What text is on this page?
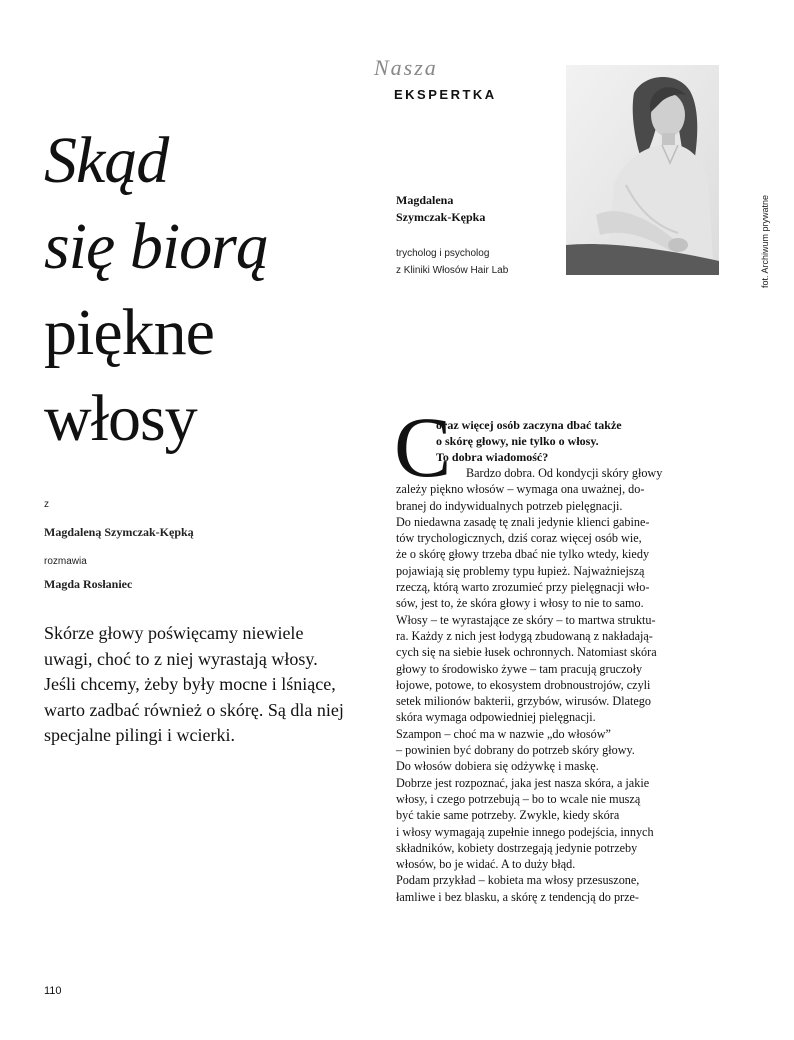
Skąd
się biorą
piękne
włosy
z
Magdaleną Szymczak-Kępką
rozmawia
Magda Rosłaniec

Skórze głowy poświęcamy niewiele uwagi, choć to z niej wyrastają włosy. Jeśli chcemy, żeby były mocne i lśniące, warto zadbać również o skórę. Są dla niej specjalne pilingi i wcierki.

Nasza
EKSPERTKA

Magdalena
Szymczak-Kępka

trycholog i psycholog
z Kliniki Włosów Hair Lab	fot. Archiwum prywatne
C

oraz więcej osób zaczyna dbać także
o skórę głowy, nie tylko o włosy.
To dobra wiadomość?

Bardzo dobra. Od kondycji skóry głowy
zależy piękno włosów – wymaga ona uważnej, do-
branej do indywidualnych potrzeb pielęgnacji.
Do niedawna zasadę tę znali jedynie klienci gabine-
tów trychologicznych, dziś coraz więcej osób wie,
że o skórę głowy trzeba dbać nie tylko wtedy, kiedy
pojawiają się problemy typu łupież. Najważniejszą
rzeczą, którą warto zrozumieć przy pielęgnacji wło-
sów, jest to, że skóra głowy i włosy to nie to samo.
Włosy – te wyrastające ze skóry – to martwa struktu-
ra. Każdy z nich jest łodygą zbudowaną z nakładają-
cych się na siebie łusek ochronnych. Natomiast skóra
głowy to środowisko żywe – tam pracują gruczoły
łojowe, potowe, to ekosystem drobnoustrojów, czyli
setek milionów bakterii, grzybów, wirusów. Dlatego
skóra wymaga odpowiedniej pielęgnacji.
Szampon – choć ma w nazwie „do włosów”
– powinien być dobrany do potrzeb skóry głowy.
Do włosów dobiera się odżywkę i maskę.
Dobrze jest rozpoznać, jaka jest nasza skóra, a jakie
włosy, i czego potrzebują – bo to wcale nie muszą
być takie same potrzeby. Zwykle, kiedy skóra
i włosy wymagają zupełnie innego podejścia, innych
składników, kobiety dostrzegają jedynie potrzeby
włosów, bo je widać. A to duży błąd.
Podam przykład – kobieta ma włosy przesuszone,
łamliwe i bez blasku, a skórę z tendencją do prze-

110
